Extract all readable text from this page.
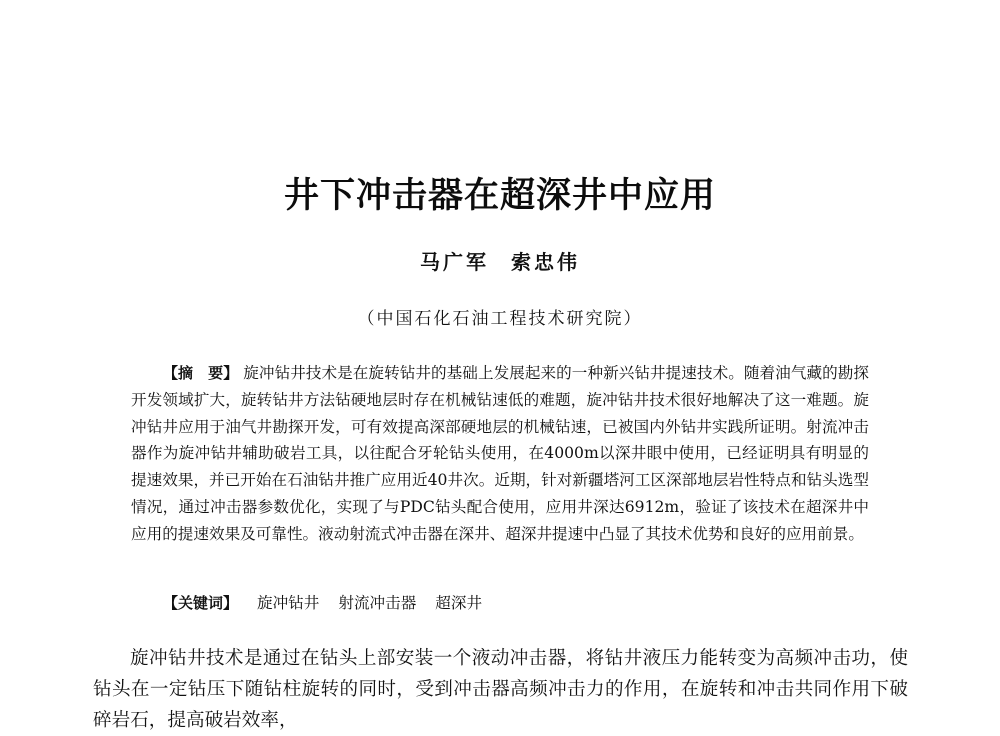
井下冲击器在超深井中应用
马广军 索忠伟
（中国石化石油工程技术研究院）
【摘　要】 旋冲钻井技术是在旋转钻井的基础上发展起来的一种新兴钻井提速技术。随着油气藏的勘探开发领域扩大，旋转钻井方法钻硬地层时存在机械钻速低的难题，旋冲钻井技术很好地解决了这一难题。旋冲钻井应用于油气井勘探开发，可有效提高深部硬地层的机械钻速，已被国内外钻井实践所证明。射流冲击器作为旋冲钻井辅助破岩工具，以往配合牙轮钻头使用，在4000m以深井眼中使用，已经证明具有明显的提速效果，并已开始在石油钻井推广应用近40井次。近期，针对新疆塔河工区深部地层岩性特点和钻头选型情况，通过冲击器参数优化，实现了与PDC钻头配合使用，应用井深达6912m，验证了该技术在超深井中应用的提速效果及可靠性。液动射流式冲击器在深井、超深井提速中凸显了其技术优势和良好的应用前景。
【关键词】 旋冲钻井 射流冲击器 超深井
旋冲钻井技术是通过在钻头上部安装一个液动冲击器，将钻井液压力能转变为高频冲击功，使钻头在一定钻压下随钻柱旋转的同时，受到冲击器高频冲击力的作用，在旋转和冲击共同作用下破碎岩石，提高破岩效率，
